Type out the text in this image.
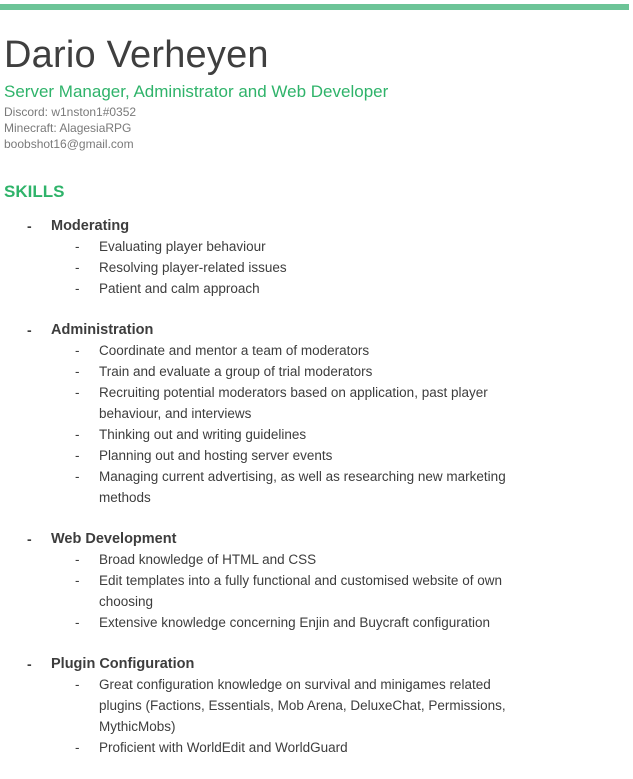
Dario Verheyen
Server Manager, Administrator and Web Developer
Discord: w1nston1#0352
Minecraft: AlagesiaRPG
boobshot16@gmail.com
SKILLS
- Moderating
- Evaluating player behaviour
- Resolving player-related issues
- Patient and calm approach
- Administration
- Coordinate and mentor a team of moderators
- Train and evaluate a group of trial moderators
- Recruiting potential moderators based on application, past player behaviour, and interviews
- Thinking out and writing guidelines
- Planning out and hosting server events
- Managing current advertising, as well as researching new marketing methods
- Web Development
- Broad knowledge of HTML and CSS
- Edit templates into a fully functional and customised website of own choosing
- Extensive knowledge concerning Enjin and Buycraft configuration
- Plugin Configuration
- Great configuration knowledge on survival and minigames related plugins (Factions, Essentials, Mob Arena, DeluxeChat, Permissions, MythicMobs)
- Proficient with WorldEdit and WorldGuard
